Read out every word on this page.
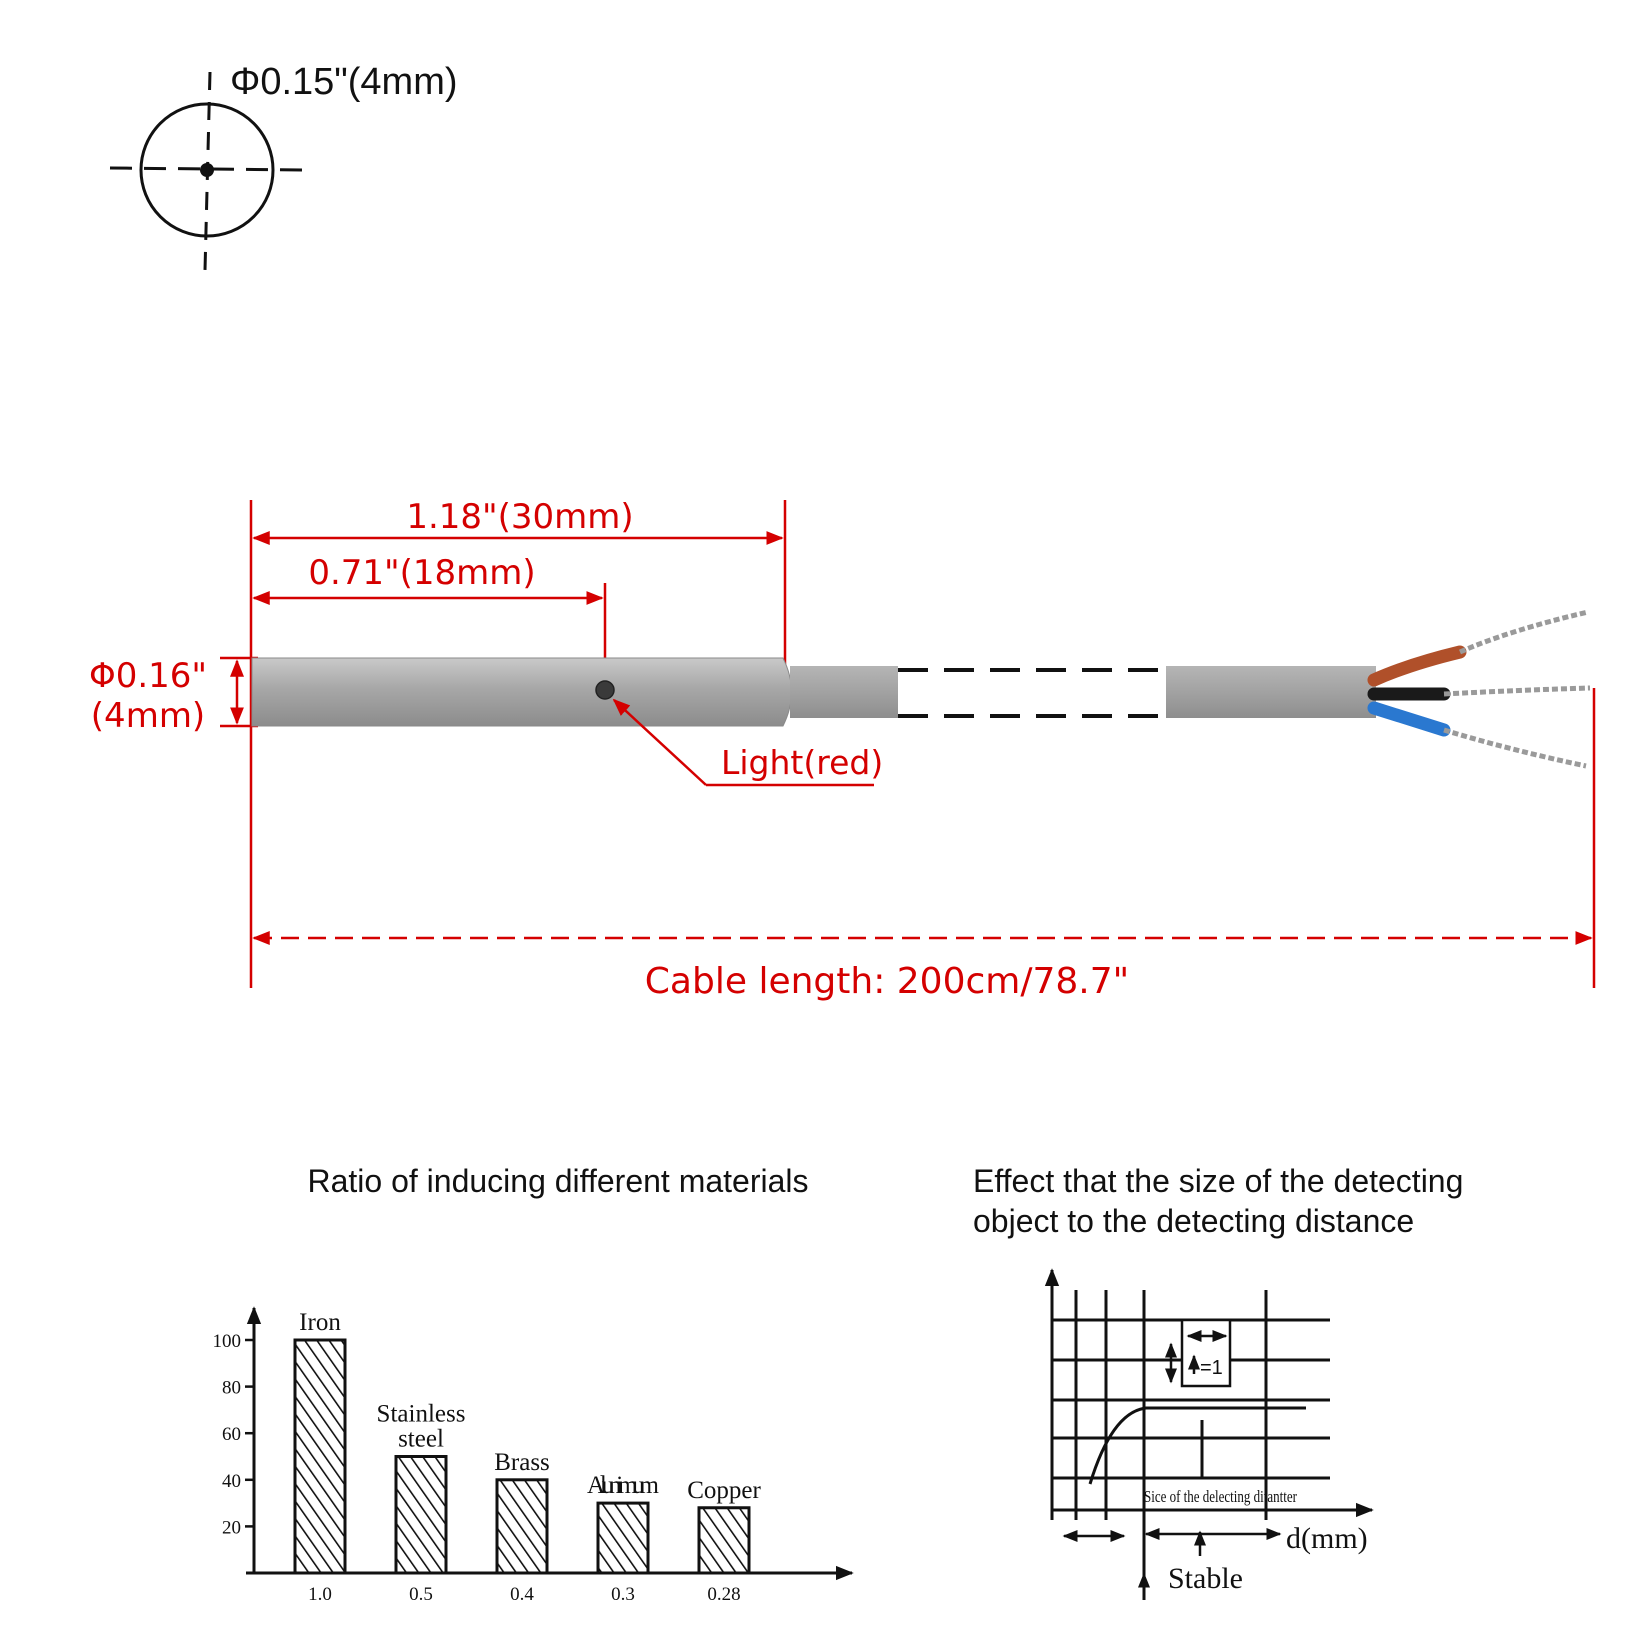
Φ0.15"(4mm)
1.18"(30mm)
0.71"(18mm)
Φ0.16"
(4mm)
Light(red)
Cable length: 200cm/78.7"
Ratio of inducing different materials
20
40
60
80
100
Iron
1.0
Stainless
steel
0.5
Brass
0.4
Alunimum
0.3
Copper
0.28
Effect that the size of the detecting
object to the detecting distance
=1
Sice of the delecting ditantter
d(mm)
Stable
